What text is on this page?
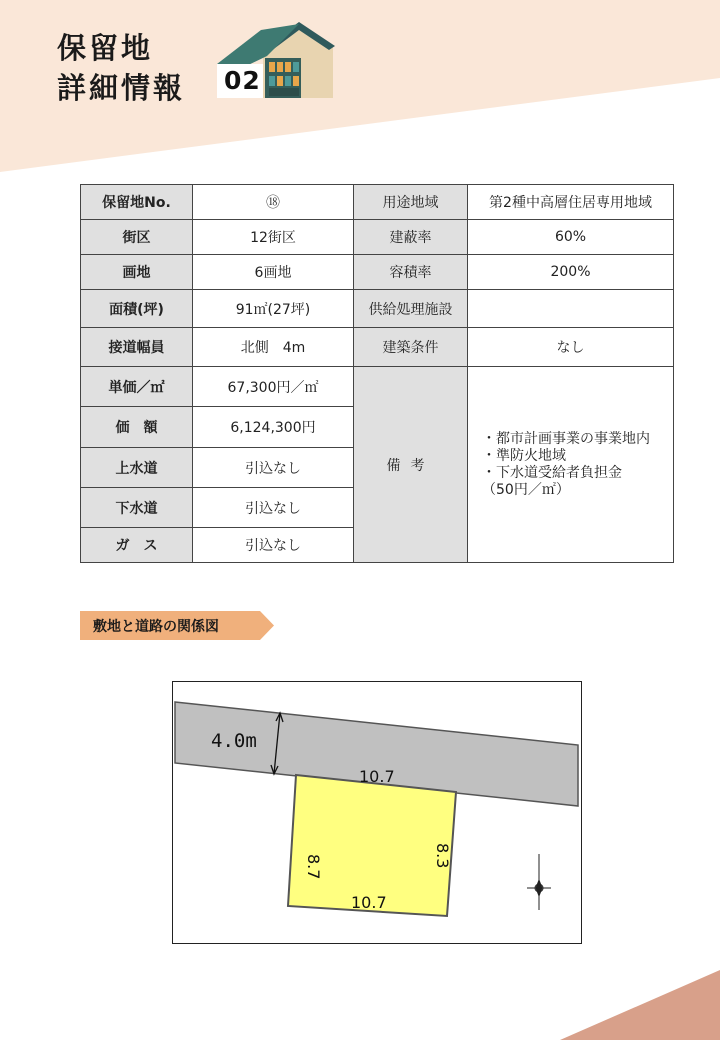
保留地
詳細情報 02
保留地No.	⑱	用途地域	第2種中高層住居専用地域
街区	12街区	建蔽率	60%
画地	6画地	容積率	200%
面積(坪)	91㎡(27坪)	供給処理施設	
接道幅員	北側　4m	建築条件	なし
単価／㎡	67,300円／㎡	備考	・都市計画事業の事業地内
・準防火地域
・下水道受給者負担金
（50円／㎡）

価　額	6,124,300円		
上水道	引込なし		
下水道	引込なし		
ガ　ス	引込なし		
敷地と道路の関係図
4.0m
10.7
10.7
8.7	8.3
